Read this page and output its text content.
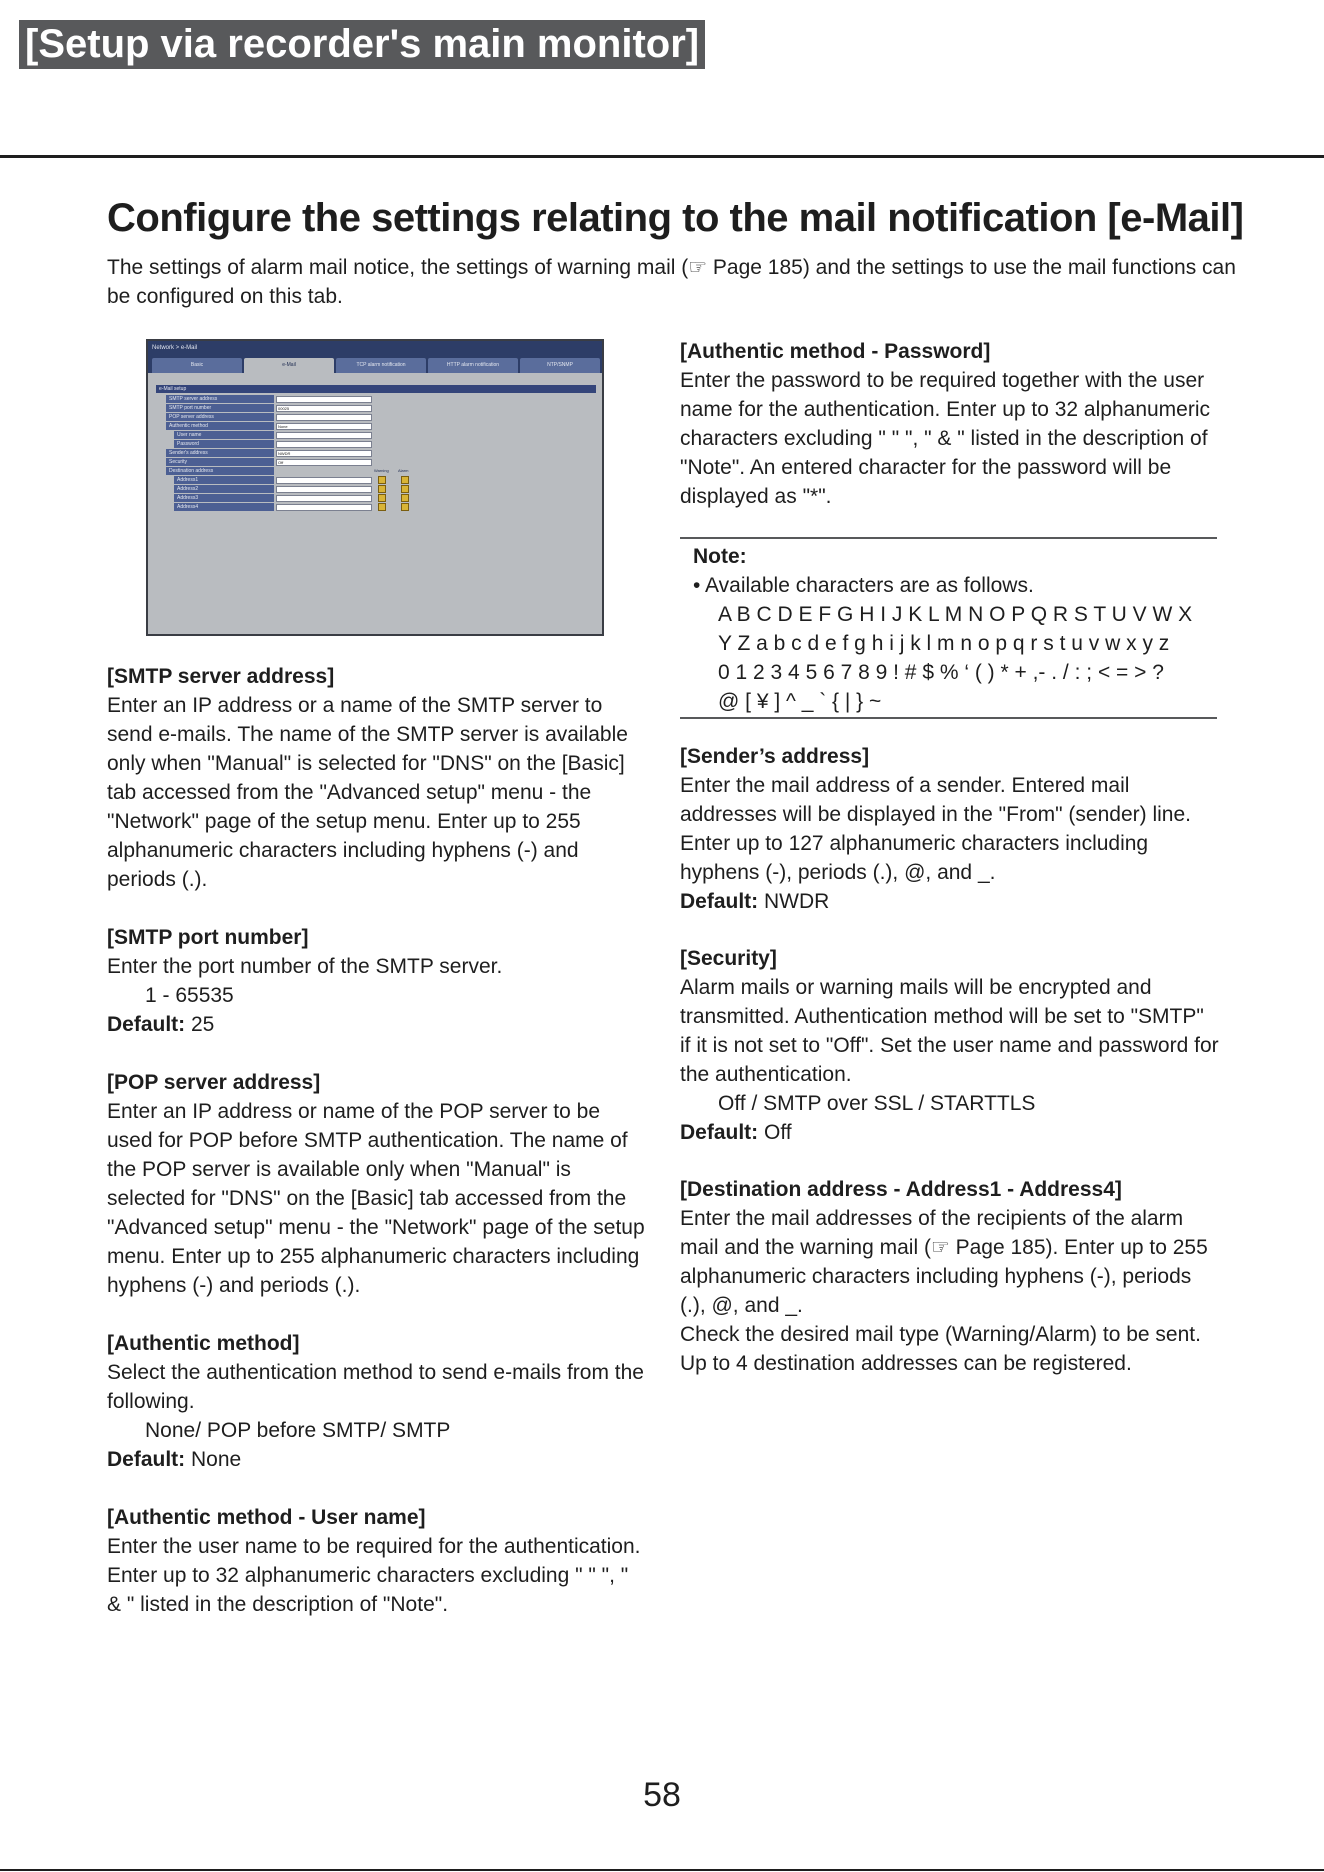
[Setup via recorder's main monitor]
Configure the settings relating to the mail notification [e-Mail]
The settings of alarm mail notice, the settings of warning mail (☞ Page 185) and the settings to use the mail functions can be configured on this tab.
Network > e-Mail
Basic	e-Mail	TCP alarm notification	HTTP alarm notification	NTP/SNMP
e-Mail setup
SMTP server address
SMTP port number	00025
POP server address
Authentic method	None
User name
Password
Sender's address	NWDR
Security	Off
Destination address	Warning Alarm
Address1
Address2
Address3
Address4
[SMTP server address]

Enter an IP address or a name of the SMTP server to send e-mails. The name of the SMTP server is available only when "Manual" is selected for "DNS" on the [Basic] tab accessed from the "Advanced setup" menu - the "Network" page of the setup menu. Enter up to 255 alphanumeric characters including hyphens (-) and periods (.).

[SMTP port number]

Enter the port number of the SMTP server.

1 - 65535

Default: 25

[POP server address]

Enter an IP address or name of the POP server to be used for POP before SMTP authentication. The name of the POP server is available only when "Manual" is selected for "DNS" on the [Basic] tab accessed from the "Advanced setup" menu - the "Network" page of the setup menu. Enter up to 255 alphanumeric characters including hyphens (-) and periods (.).

[Authentic method]

Select the authentication method to send e-mails from the following.

None/ POP before SMTP/ SMTP

Default: None

[Authentic method - User name]

Enter the user name to be required for the authentication. Enter up to 32 alphanumeric characters excluding " " ", " & " listed in the description of "Note".

[Authentic method - Password]

Enter the password to be required together with the user name for the authentication. Enter up to 32 alphanumeric characters excluding " " ", " & " listed in the description of "Note". An entered character for the password will be displayed as "*".

[Sender’s address]

Enter the mail address of a sender. Entered mail addresses will be displayed in the "From" (sender) line. Enter up to 127 alphanumeric characters including hyphens (-), periods (.), @, and _.

Default: NWDR

[Security]

Alarm mails or warning mails will be encrypted and transmitted. Authentication method will be set to "SMTP" if it is not set to "Off". Set the user name and password for the authentication.

Off / SMTP over SSL / STARTTLS

Default: Off

[Destination address - Address1 - Address4]

Enter the mail addresses of the recipients of the alarm mail and the warning mail (☞ Page 185). Enter up to 255 alphanumeric characters including hyphens (-), periods (.), @, and _.

Check the desired mail type (Warning/Alarm) to be sent.

Up to 4 destination addresses can be registered.

Note:
• Available characters are as follows.
A B C D E F G H I J K L M N O P Q R S T U V W X
Y Z a b c d e f g h i j k l m n o p q r s t u v w x y z
0 1 2 3 4 5 6 7 8 9 ! # $ % ‘ ( ) * + ,- . / : ; < = > ?
@ [ ¥ ] ^ _ ` { | } ~
58
